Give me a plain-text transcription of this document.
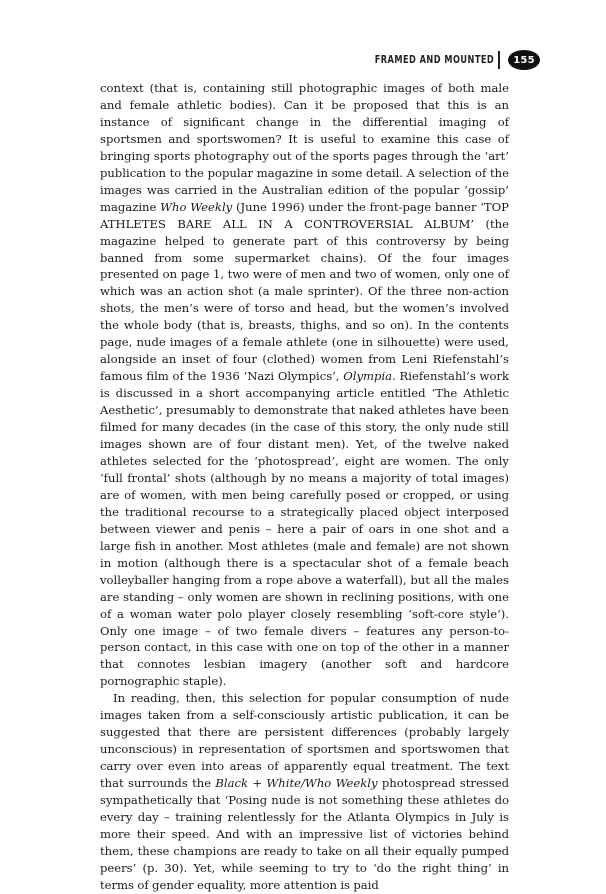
FRAMED AND MOUNTED	155

context (that is, containing still photographic images of both male and female athletic bodies). Can it be proposed that this is an instance of significant change in the differential imaging of sportsmen and sportswomen? It is useful to examine this case of bringing sports photography out of the sports pages through the ‘art’ publication to the popular magazine in some detail. A selection of the images was carried in the Australian edition of the popular ‘gossip’ magazine Who Weekly (June 1996) under the front-page banner ‘TOP ATHLETES BARE ALL IN A CONTROVERSIAL ALBUM’ (the magazine helped to generate part of this controversy by being banned from some supermarket chains). Of the four images presented on page 1, two were of men and two of women, only one of which was an action shot (a male sprinter). Of the three non-action shots, the men’s were of torso and head, but the women’s involved the whole body (that is, breasts, thighs, and so on). In the contents page, nude images of a female athlete (one in silhouette) were used, alongside an inset of four (clothed) women from Leni Riefenstahl’s famous film of the 1936 ‘Nazi Olympics’, Olympia. Riefenstahl’s work is discussed in a short accompanying article entitled ‘The Athletic Aesthetic’, presumably to demonstrate that naked athletes have been filmed for many decades (in the case of this story, the only nude still images shown are of four distant men). Yet, of the twelve naked athletes selected for the ‘photospread’, eight are women. The only ‘full frontal’ shots (although by no means a majority of total images) are of women, with men being carefully posed or cropped, or using the traditional recourse to a strategically placed object interposed between viewer and penis – here a pair of oars in one shot and a large fish in another. Most athletes (male and female) are not shown in motion (although there is a spectacular shot of a female beach volleyballer hanging from a rope above a waterfall), but all the males are standing – only women are shown in reclining positions, with one of a woman water polo player closely resembling ‘soft-core style’). Only one image – of two female divers – features any person-to-person contact, in this case with one on top of the other in a manner that connotes lesbian imagery (another soft and hardcore pornographic staple).

In reading, then, this selection for popular consumption of nude images taken from a self-consciously artistic publication, it can be suggested that there are persistent differences (probably largely unconscious) in representation of sportsmen and sportswomen that carry over even into areas of apparently equal treatment. The text that surrounds the Black + White/Who Weekly photospread stressed sympathetically that ‘Posing nude is not something these athletes do every day – training relentlessly for the Atlanta Olympics in July is more their speed. And with an impressive list of victories behind them, these champions are ready to take on all their equally pumped peers’ (p. 30). Yet, while seeming to try to ‘do the right thing’ in terms of gender equality, more attention is paid
